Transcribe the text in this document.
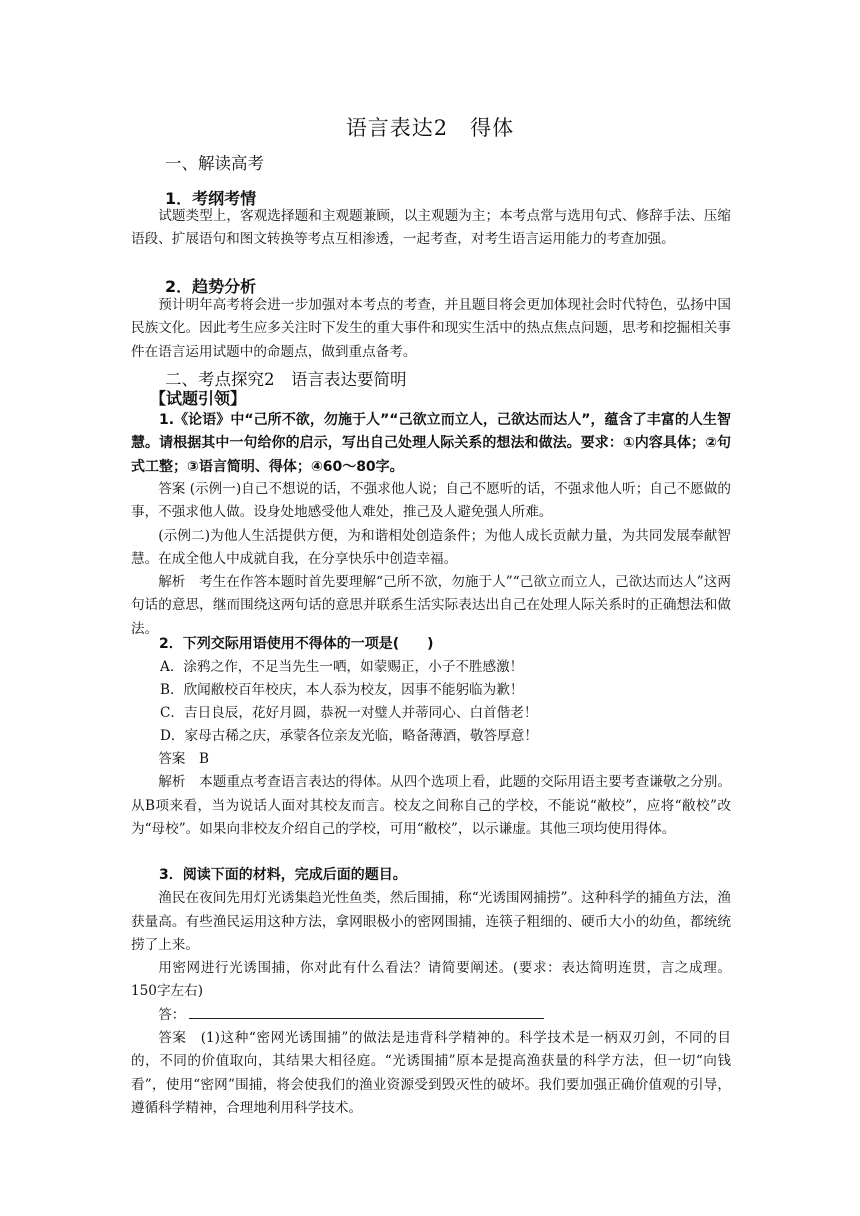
语言表达2　得体
一、解读高考
1．考纲考情

试题类型上，客观选择题和主观题兼顾，以主观题为主；本考点常与选用句式、修辞手法、压缩语段、扩展语句和图文转换等考点互相渗透，一起考查，对考生语言运用能力的考查加强。

2．趋势分析

预计明年高考将会进一步加强对本考点的考查，并且题目将会更加体现社会时代特色，弘扬中国民族文化。因此考生应多关注时下发生的重大事件和现实生活中的热点焦点问题，思考和挖掘相关事件在语言运用试题中的命题点，做到重点备考。

二、考点探究2　语言表达要简明
【试题引领】

1.《论语》中“己所不欲，勿施于人”“己欲立而立人，己欲达而达人”，蕴含了丰富的人生智慧。请根据其中一句给你的启示，写出自己处理人际关系的想法和做法。要求：①内容具体；②句式工整；③语言简明、得体；④60～80字。

答案 (示例一)自己不想说的话，不强求他人说；自己不愿听的话，不强求他人听；自己不愿做的事，不强求他人做。设身处地感受他人难处，推己及人避免强人所难。

(示例二)为他人生活提供方便，为和谐相处创造条件；为他人成长贡献力量，为共同发展奉献智慧。在成全他人中成就自我，在分享快乐中创造幸福。

解析　考生在作答本题时首先要理解“己所不欲，勿施于人”“己欲立而立人，己欲达而达人”这两句话的意思，继而围绕这两句话的意思并联系生活实际表达出自己在处理人际关系时的正确想法和做法。

2．下列交际用语使用不得体的一项是(　　)

A．涂鸦之作，不足当先生一哂，如蒙赐正，小子不胜感激！
B．欣闻敝校百年校庆，本人忝为校友，因事不能躬临为歉！
C．吉日良辰，花好月圆，恭祝一对璧人并蒂同心、白首偕老！
D．家母古稀之庆，承蒙各位亲友光临，略备薄酒，敬答厚意！

答案　B

解析　本题重点考查语言表达的得体。从四个选项上看，此题的交际用语主要考查谦敬之分别。从B项来看，当为说话人面对其校友而言。校友之间称自己的学校，不能说“敝校”，应将“敝校”改为“母校”。如果向非校友介绍自己的学校，可用“敝校”，以示谦虚。其他三项均使用得体。

3．阅读下面的材料，完成后面的题目。

渔民在夜间先用灯光诱集趋光性鱼类，然后围捕，称“光诱围网捕捞”。这种科学的捕鱼方法，渔获量高。有些渔民运用这种方法，拿网眼极小的密网围捕，连筷子粗细的、硬币大小的幼鱼，都统统捞了上来。

用密网进行光诱围捕，你对此有什么看法？请简要阐述。(要求：表达简明连贯，言之成理。150字左右)

答：

答案　(1)这种“密网光诱围捕”的做法是违背科学精神的。科学技术是一柄双刃剑，不同的目的，不同的价值取向，其结果大相径庭。“光诱围捕”原本是提高渔获量的科学方法，但一切“向钱看”，使用“密网”围捕，将会使我们的渔业资源受到毁灭性的破坏。我们要加强正确价值观的引导，遵循科学精神，合理地利用科学技术。
